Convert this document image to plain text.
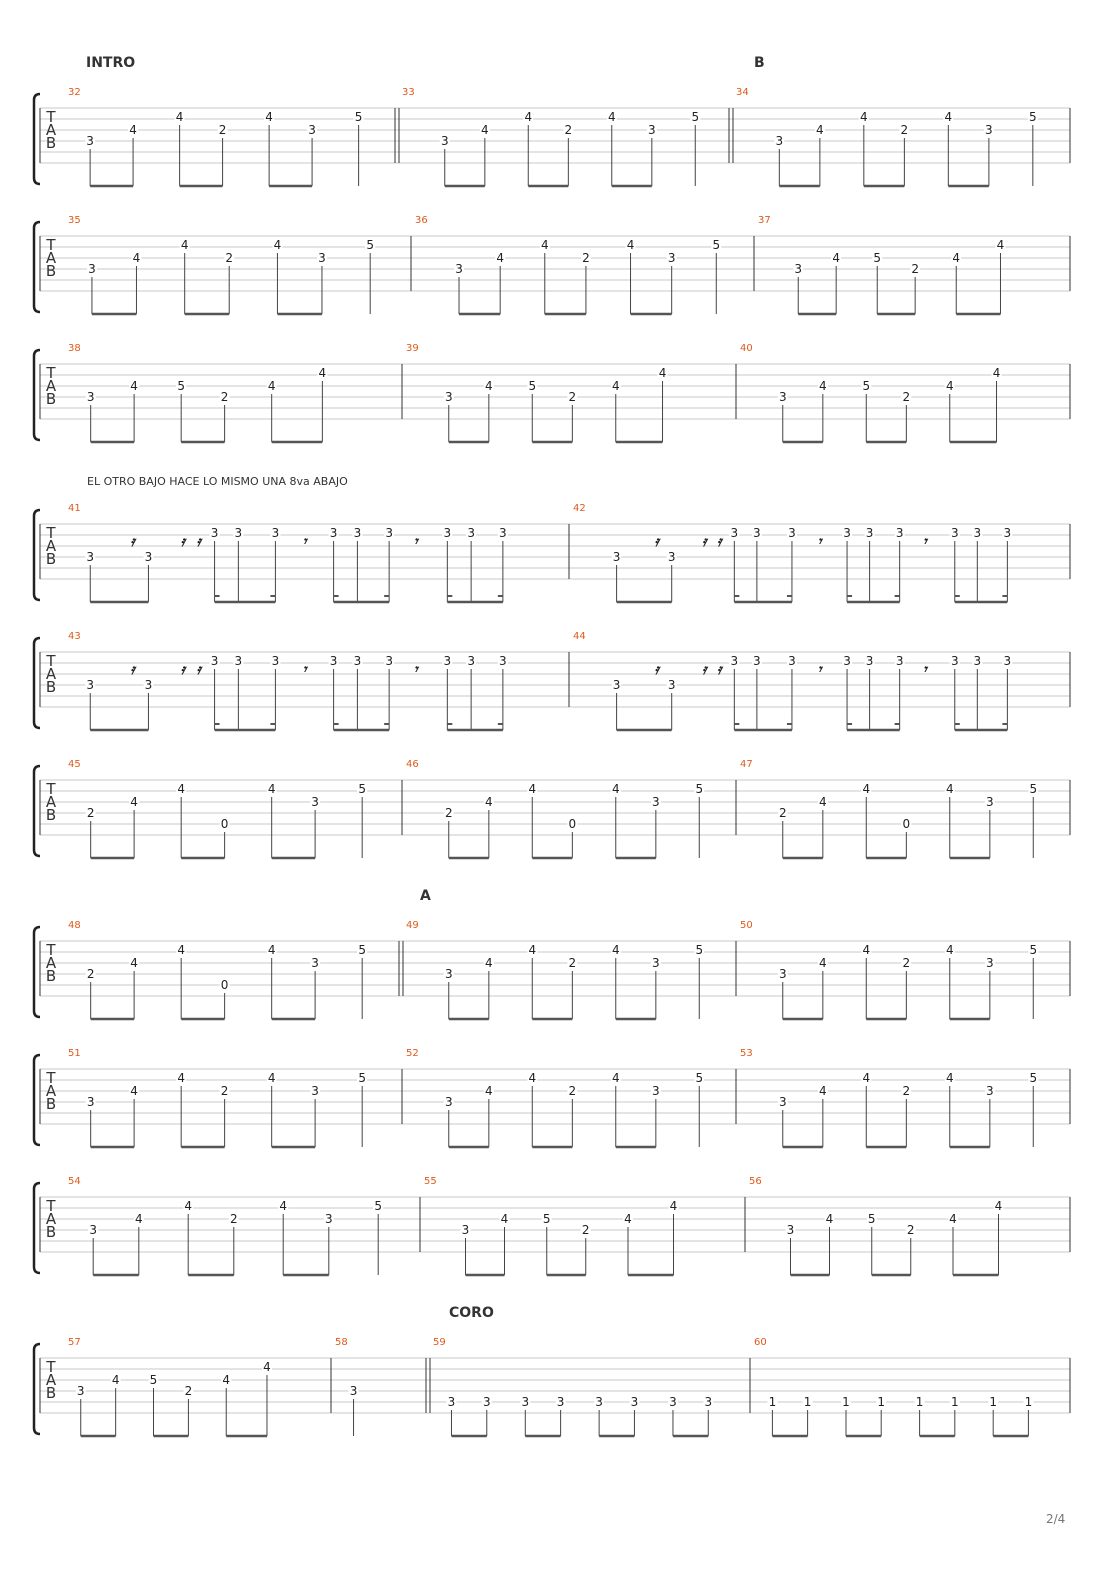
INTRO	B
EL OTRO BAJO HACE LO MISMO UNA 8va ABAJO
A
CORO
2/4
T
A
B
32
3
4
4
2
4
3
5
33
3
4
4
2
4
3
5
34
3
4
4
2
4
3
5
T
A
B
35
3
4
4
2
4
3
5
36
3
4
4
2
4
3
5
37
3
4	5
2
4
4
T
A
B
38
3
4	5
2
4
4
39
3
4	5
2
4
4
40
3
4	5
2
4
4
T
A
B
41
3	3
3 3 3	3 3 3	3 3 3
𝄿	𝄿 𝄿	𝄾	𝄾
42
3	3
3 3 3	3 3 3	3 3 3
𝄿	𝄿 𝄿	𝄾	𝄾
T
A
B
43
3	3
3 3 3	3 3 3	3 3 3
𝄿	𝄿 𝄿	𝄾	𝄾
44
3	3
3 3 3	3 3 3	3 3 3
𝄿	𝄿 𝄿	𝄾	𝄾
T
A
B
45
2
4
4
0
4
3
5
46
2
4
4
0
4
3
5
47
2
4
4
0
4
3
5
T
A
B
48
2
4
4
0
4
3
5
49
3
4
4
2
4
3
5
50
3
4
4
2
4
3
5
T
A
B
51
3
4
4
2
4
3
5
52
3
4
4
2
4
3
5
53
3
4
4
2
4
3
5
T
A
B
54
3
4
4
2
4
3
5
55
3
4	5
2
4
4
56
3
4	5
2
4
4
T
A
B
57
3
4	5
2
4
4
58
3
59
3 3	3 3	3 3	3 3
60
1 1	1 1	1 1	1 1
